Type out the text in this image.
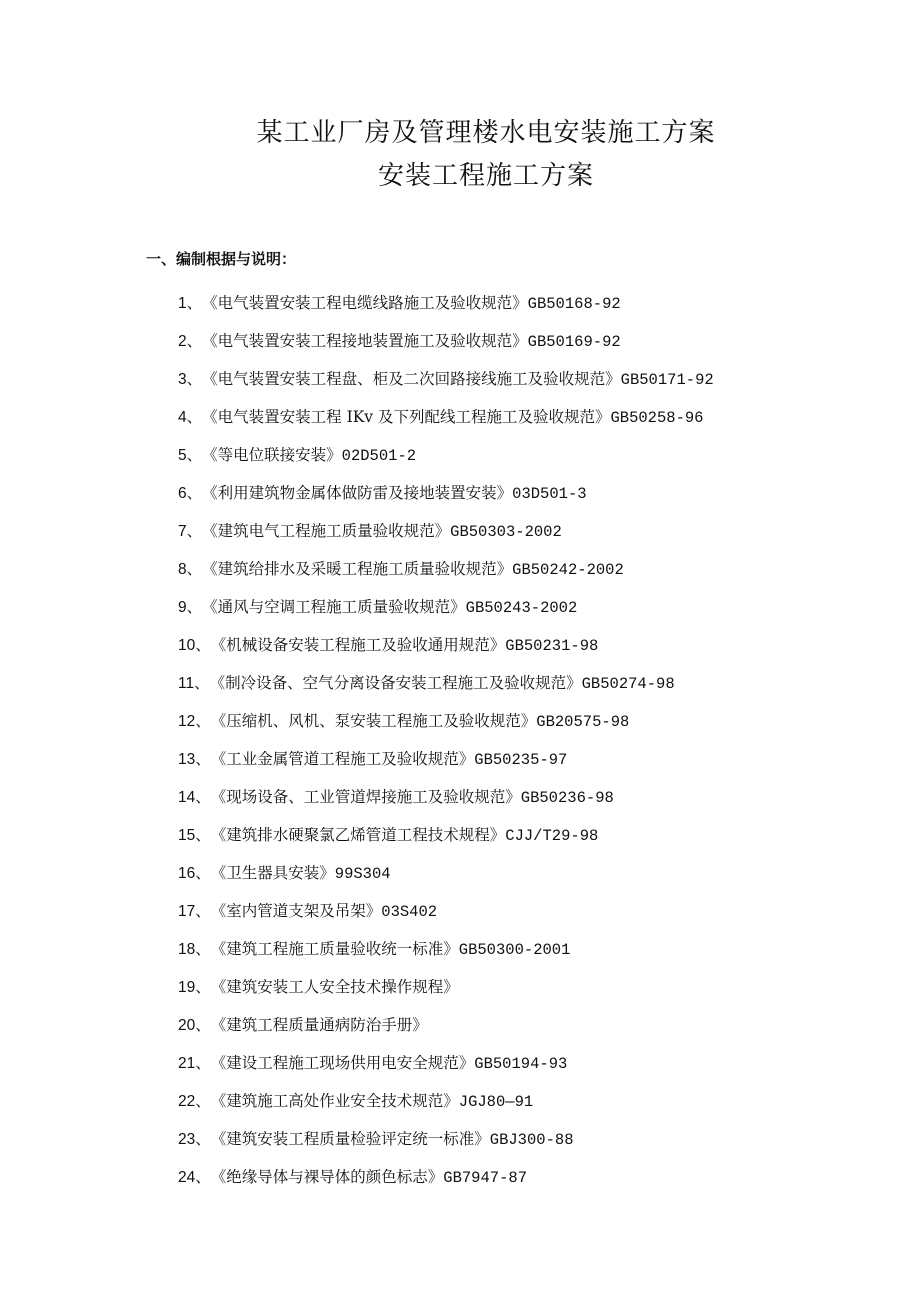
某工业厂房及管理楼水电安装施工方案
安装工程施工方案
一、编制根据与说明：
1、《电气装置安装工程电缆线路施工及验收规范》GB50168-92
2、《电气装置安装工程接地装置施工及验收规范》GB50169-92
3、《电气装置安装工程盘、柜及二次回路接线施工及验收规范》GB50171-92
4、《电气装置安装工程 IKv 及下列配线工程施工及验收规范》GB50258-96
5、《等电位联接安装》02D501-2
6、《利用建筑物金属体做防雷及接地装置安装》03D501-3
7、《建筑电气工程施工质量验收规范》GB50303-2002
8、《建筑给排水及采暖工程施工质量验收规范》GB50242-2002
9、《通风与空调工程施工质量验收规范》GB50243-2002
10、《机械设备安装工程施工及验收通用规范》GB50231-98
11、《制冷设备、空气分离设备安装工程施工及验收规范》GB50274-98
12、《压缩机、风机、泵安装工程施工及验收规范》GB20575-98
13、《工业金属管道工程施工及验收规范》GB50235-97
14、《现场设备、工业管道焊接施工及验收规范》GB50236-98
15、《建筑排水硬聚氯乙烯管道工程技术规程》CJJ/T29-98
16、《卫生器具安装》99S304
17、《室内管道支架及吊架》03S402
18、《建筑工程施工质量验收统一标准》GB50300-2001
19、《建筑安装工人安全技术操作规程》
20、《建筑工程质量通病防治手册》
21、《建设工程施工现场供用电安全规范》GB50194-93
22、《建筑施工高处作业安全技术规范》JGJ80—91
23、《建筑安装工程质量检验评定统一标准》GBJ300-88
24、《绝缘导体与裸导体的颜色标志》GB7947-87
